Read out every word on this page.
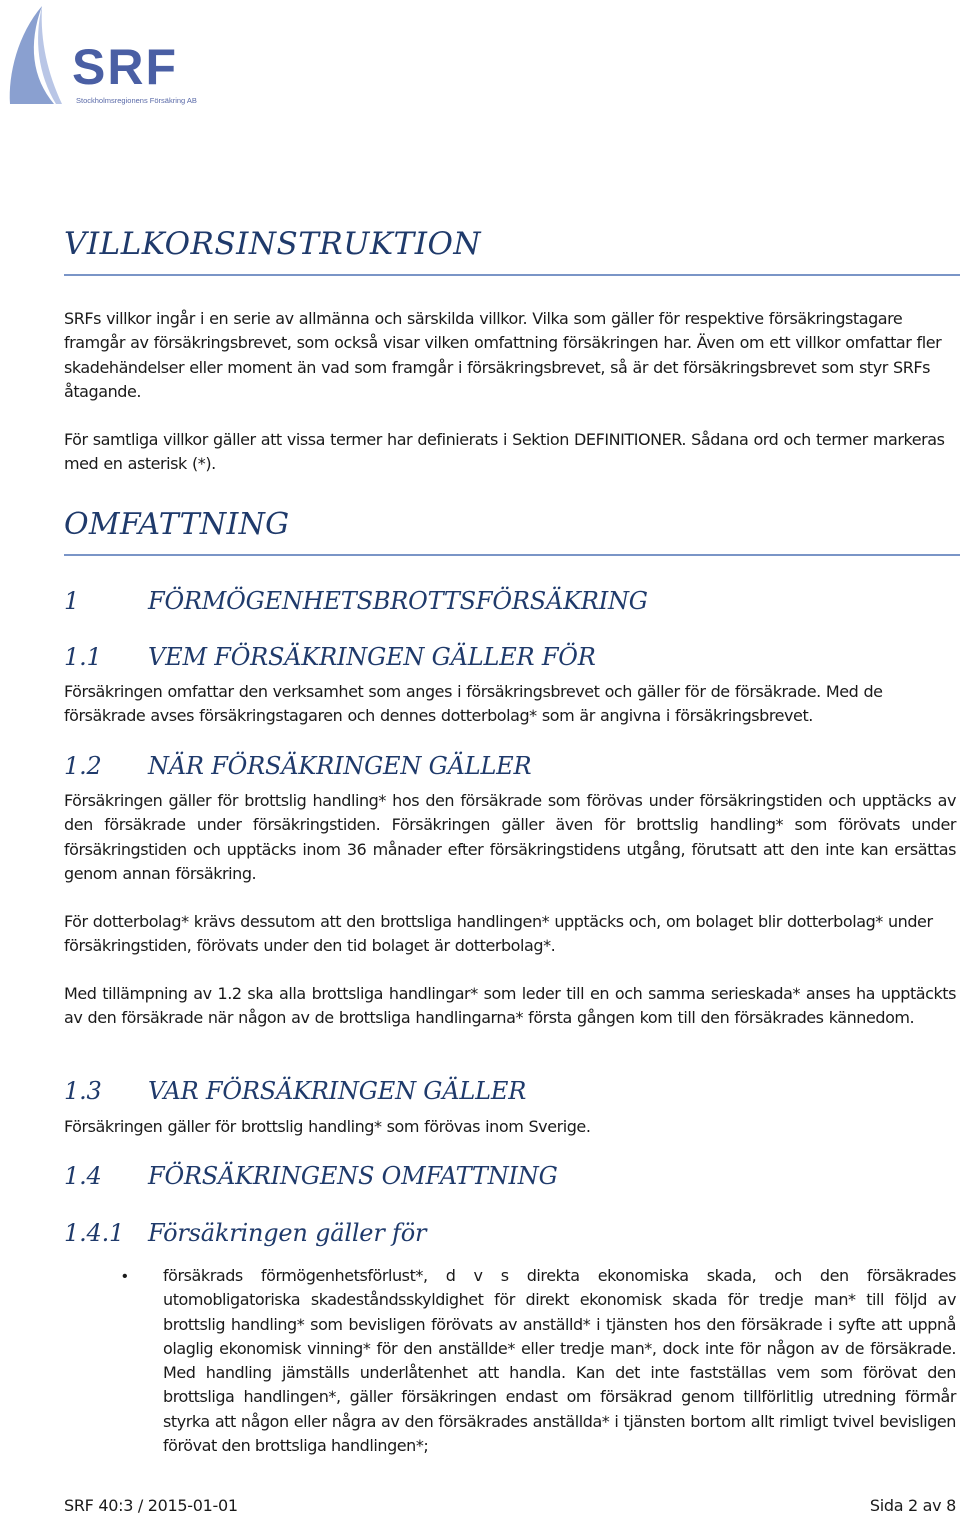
SRF
Stockholmsregionens Försäkring AB
VILLKORSINSTRUKTION

SRFs villkor ingår i en serie av allmänna och särskilda villkor. Vilka som gäller för respektive försäkringstagare framgår av försäkringsbrevet, som också visar vilken omfattning försäkringen har. Även om ett villkor omfattar fler skadehändelser eller moment än vad som framgår i försäkringsbrevet, så är det försäkringsbrevet som styr SRFs åtagande.

För samtliga villkor gäller att vissa termer har definierats i Sektion DEFINITIONER. Sådana ord och termer markeras med en asterisk (*).

OMFATTNING
1	FÖRMÖGENHETSBROTTSFÖRSÄKRING
1.1 VEM FÖRSÄKRINGEN GÄLLER FÖR

Försäkringen omfattar den verksamhet som anges i försäkringsbrevet och gäller för de försäkrade. Med de försäkrade avses försäkringstagaren och dennes dotterbolag* som är angivna i försäkringsbrevet.

1.2 NÄR FÖRSÄKRINGEN GÄLLER

Försäkringen gäller för brottslig handling* hos den försäkrade som förövas under försäkringstiden och upptäcks av den försäkrade under försäkringstiden. Försäkringen gäller även för brottslig handling* som förövats under försäkringstiden och upptäcks inom 36 månader efter försäkringstidens utgång, förutsatt att den inte kan ersättas genom annan försäkring.

För dotterbolag* krävs dessutom att den brottsliga handlingen* upptäcks och, om bolaget blir dotterbolag* under försäkringstiden, förövats under den tid bolaget är dotterbolag*.

Med tillämpning av 1.2 ska alla brottsliga handlingar* som leder till en och samma serieskada* anses ha upptäckts av den försäkrade när någon av de brottsliga handlingarna* första gången kom till den försäkrades kännedom.

1.3 VAR FÖRSÄKRINGEN GÄLLER

Försäkringen gäller för brottslig handling* som förövas inom Sverige.

1.4 FÖRSÄKRINGENS OMFATTNING
1.4.1 Försäkringen gäller för
• försäkrads förmögenhetsförlust*, d v s direkta ekonomiska skada, och den försäkrades utomobligatoriska skadeståndsskyldighet för direkt ekonomisk skada för tredje man* till följd av brottslig handling* som bevisligen förövats av anställd* i tjänsten hos den försäkrade i syfte att uppnå olaglig ekonomisk vinning* för den anställde* eller tredje man*, dock inte för någon av de försäkrade. Med handling jämställs underlåtenhet att handla. Kan det inte fastställas vem som förövat den brottsliga handlingen*, gäller försäkringen endast om försäkrad genom tillförlitlig utredning förmår styrka att någon eller några av den försäkrades anställda* i tjänsten bortom allt rimligt tvivel bevisligen förövat den brottsliga handlingen*;

SRF 40:3 / 2015-01-01	Sida 2 av 8
